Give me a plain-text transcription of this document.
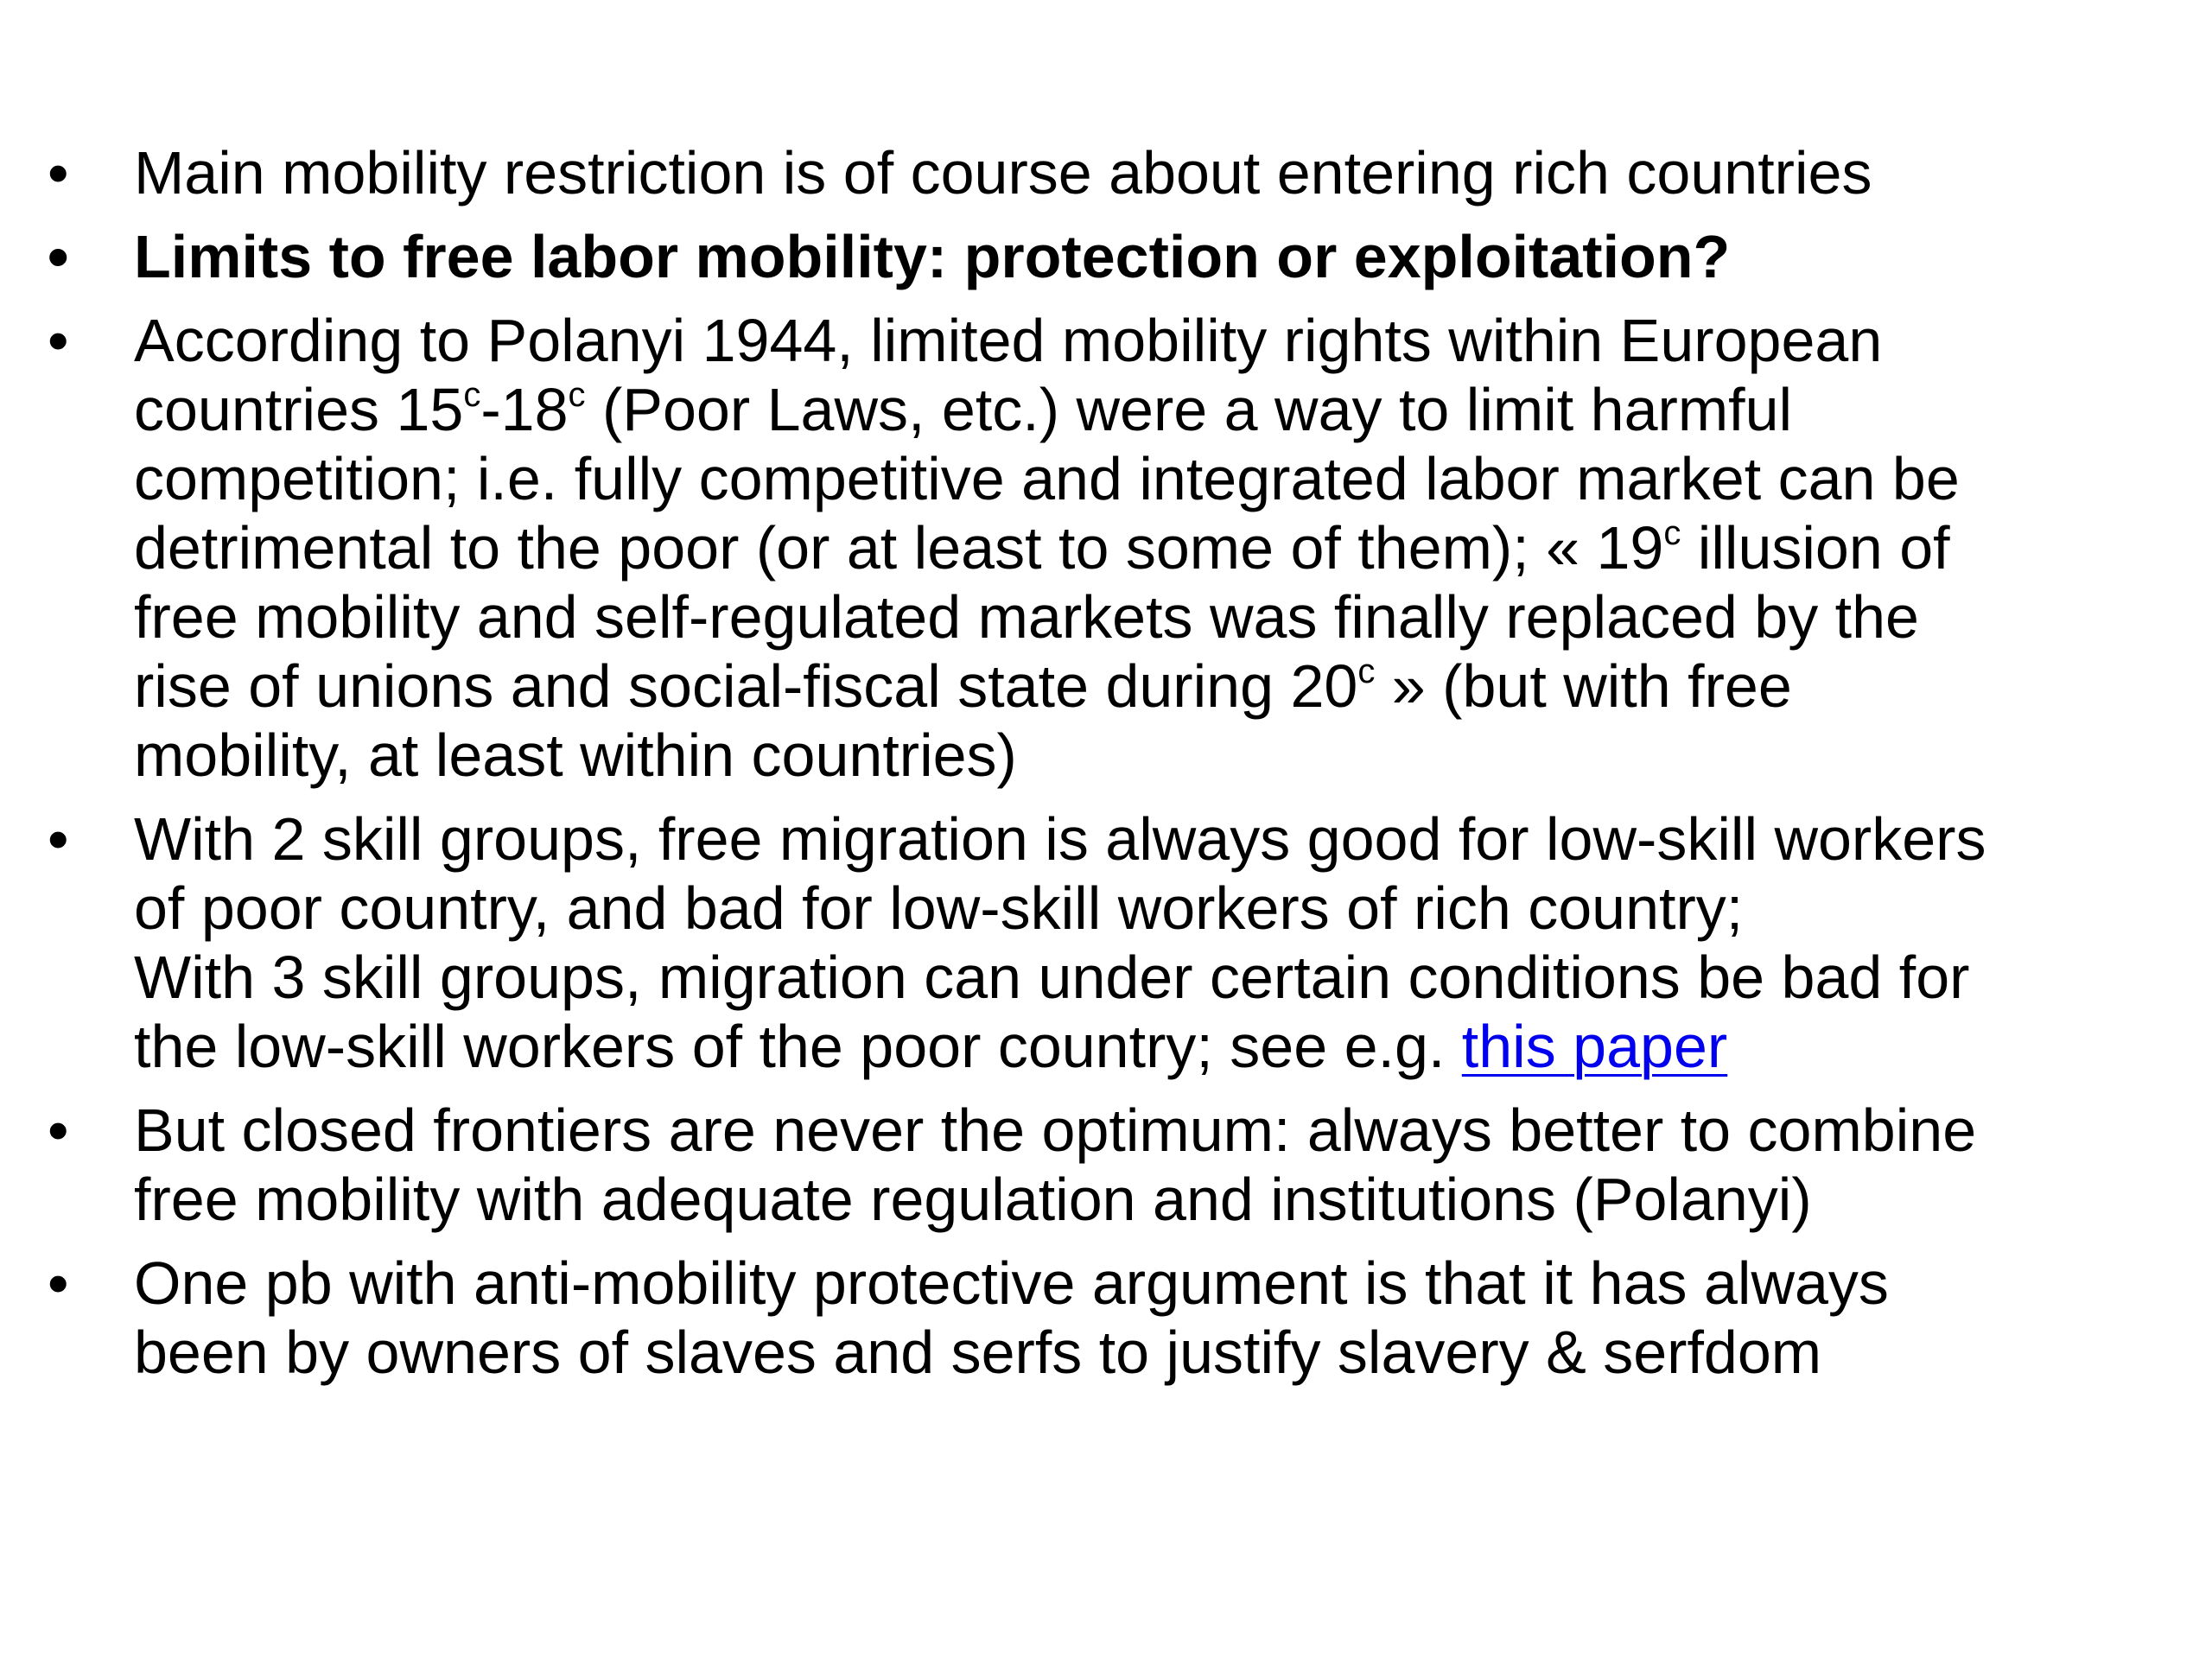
•	Main mobility restriction is of course about entering rich countries
•	Limits to free labor mobility: protection or exploitation?
•	According to Polanyi 1944, limited mobility rights within European
countries 15$^c$-18$^c$ (Poor Laws, etc.) were a way to limit harmful
competition; i.e. fully competitive and integrated labor market can be
detrimental to the poor (or at least to some of them); « 19$^c$ illusion of
free mobility and self-regulated markets was finally replaced by the
rise of unions and social-fiscal state during 20$^c$ » (but with free
mobility, at least within countries)
•	With 2 skill groups, free migration is always good for low-skill workers
of poor country, and bad for low-skill workers of rich country;
With 3 skill groups, migration can under certain conditions be bad for
the low-skill workers of the poor country; see e.g. this paper
•	But closed frontiers are never the optimum: always better to combine
free mobility with adequate regulation and institutions (Polanyi)
•	One pb with anti-mobility protective argument is that it has always
been by owners of slaves and serfs to justify slavery & serfdom
